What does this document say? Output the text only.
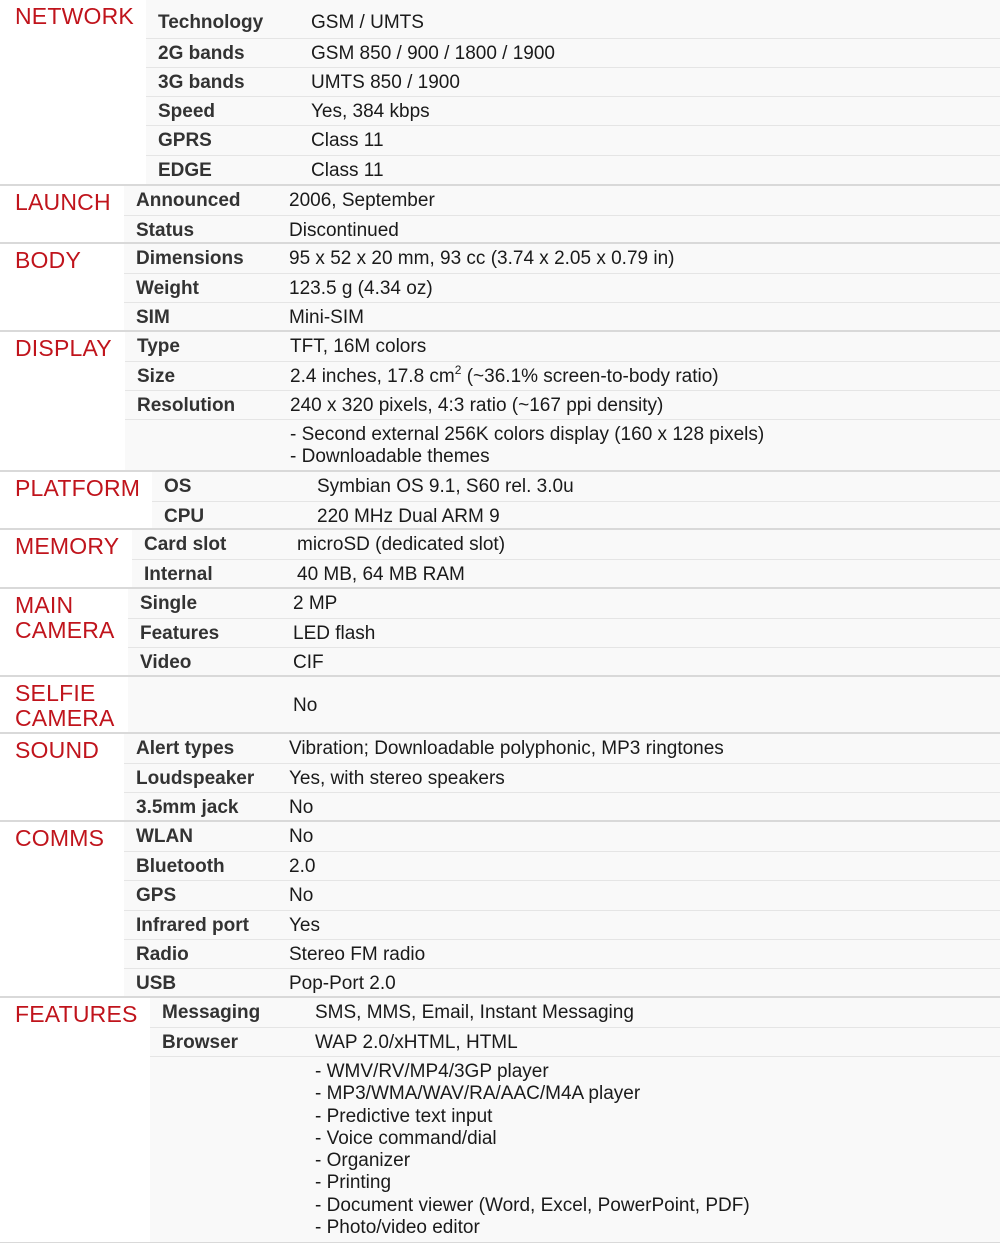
NETWORK Technology	GSM / UMTS
2G bands	GSM 850 / 900 / 1800 / 1900
3G bands	UMTS 850 / 1900
Speed	Yes, 384 kbps
GPRS	Class 11
EDGE	Class 11
LAUNCH Announced	2006, September
Status	Discontinued
BODY	Dimensions 95 x 52 x 20 mm, 93 cc (3.74 x 2.05 x 0.79 in)
Weight	123.5 g (4.34 oz)
SIM	Mini-SIM
DISPLAY Type	TFT, 16M colors
Size	2.4 inches, 17.8 $cm^2$ (~36.1% screen-to-body ratio)
Resolution	240 x 320 pixels, 4:3 ratio (~167 ppi density)
- Second external 256K colors display (160 x 128 pixels)
- Downloadable themes
PLATFORM OS	Symbian OS 9.1, S60 rel. 3.0u
CPU	220 MHz Dual ARM 9
MEMORY Card slot	microSD (dedicated slot)
Internal	40 MB, 64 MB RAM
MAIN
CAMERA
Single	2 MP
Features	LED flash
Video	CIF
SELFIE
CAMERA	No
SOUND Alert types	Vibration; Downloadable polyphonic, MP3 ringtones
Loudspeaker Yes, with stereo speakers
3.5mm jack	No
COMMS WLAN	No
Bluetooth	2.0
GPS	No
Infrared port Yes
Radio	Stereo FM radio
USB	Pop-Port 2.0
FEATURES Messaging	SMS, MMS, Email, Instant Messaging
Browser	WAP 2.0/xHTML, HTML
- WMV/RV/MP4/3GP player
- MP3/WMA/WAV/RA/AAC/M4A player
- Predictive text input
- Voice command/dial
- Organizer
- Printing
- Document viewer (Word, Excel, PowerPoint, PDF)
- Photo/video editor
